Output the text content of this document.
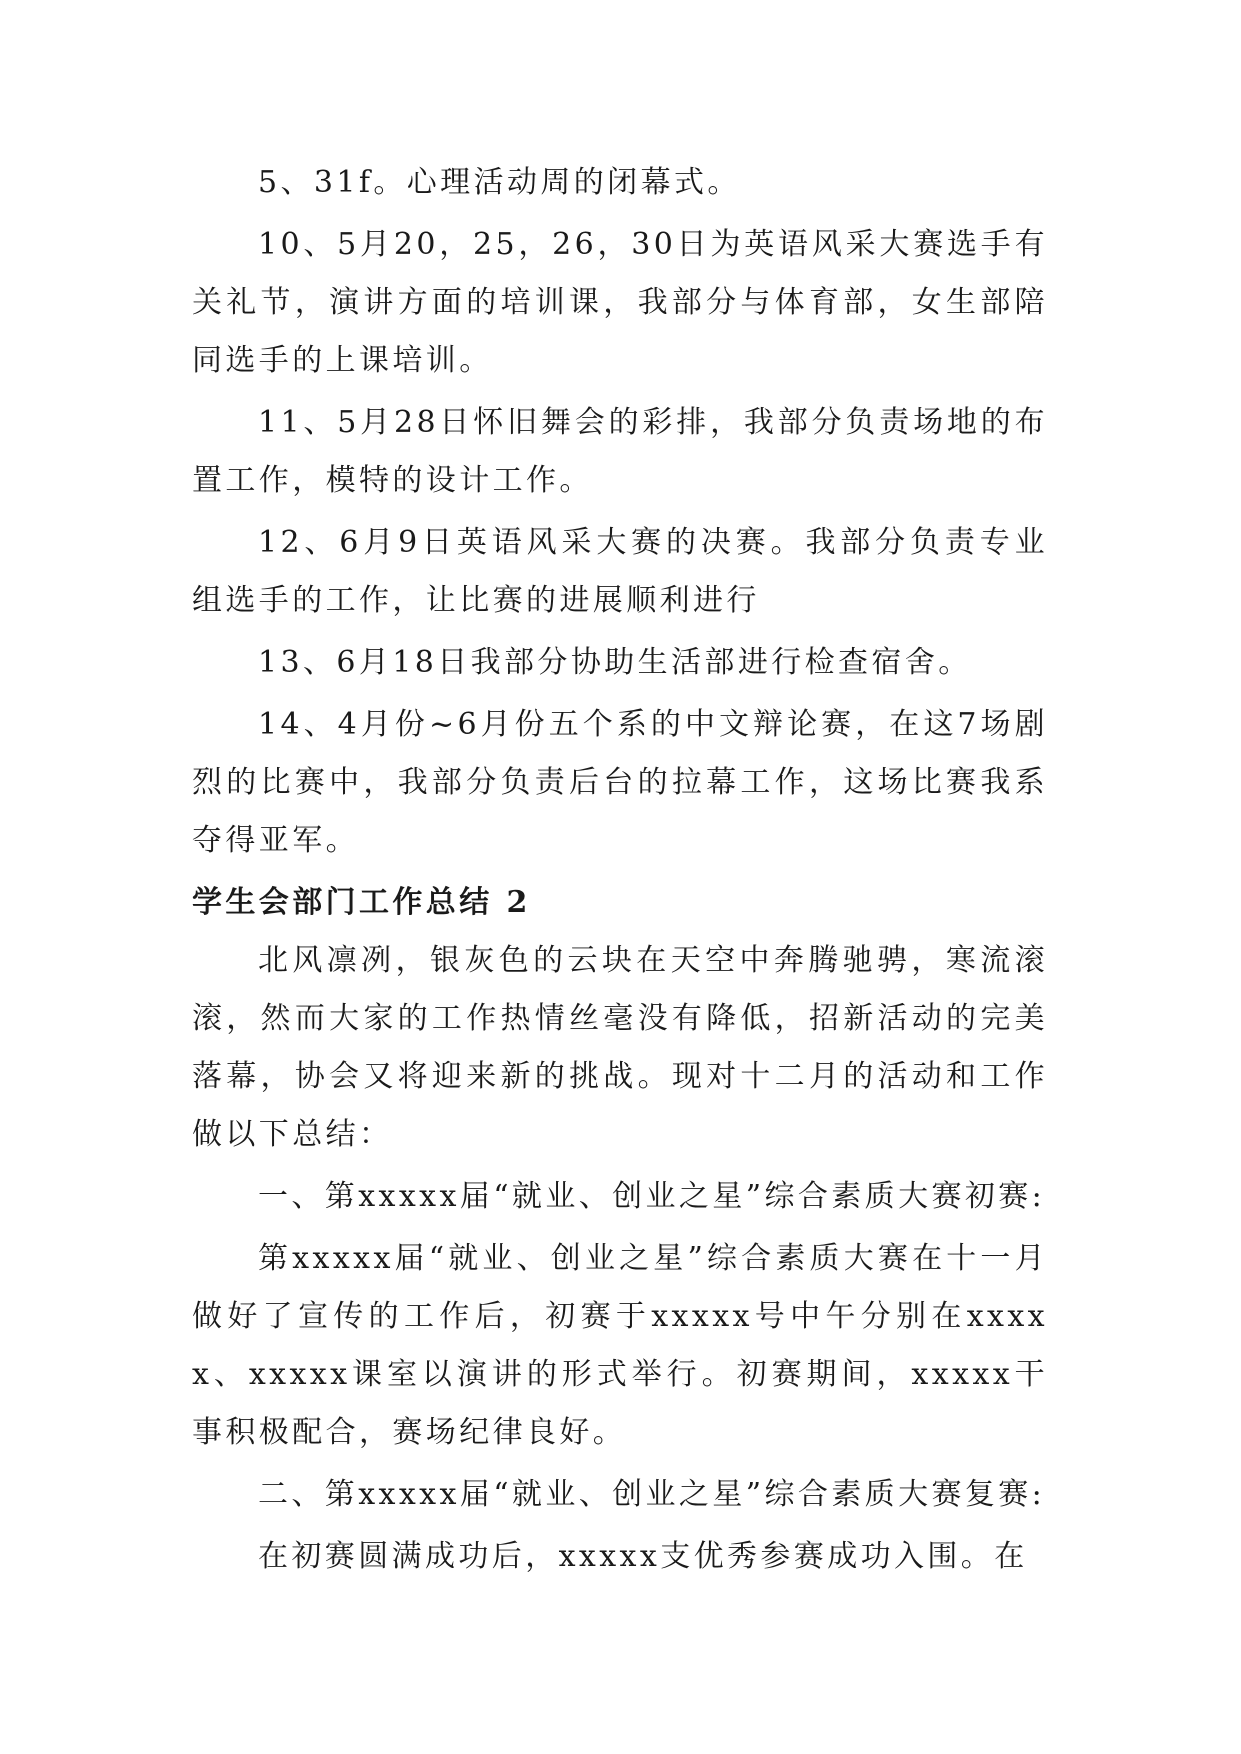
5、31f。心理活动周的闭幕式。

10、5月20，25，26，30日为英语风采大赛选手有关礼节，演讲方面的培训课，我部分与体育部，女生部陪同选手的上课培训。

11、5月28日怀旧舞会的彩排，我部分负责场地的布置工作，模特的设计工作。

12、6月9日英语风采大赛的决赛。我部分负责专业组选手的工作，让比赛的进展顺利进行

13、6月18日我部分协助生活部进行检查宿舍。

14、4月份~6月份五个系的中文辩论赛，在这7场剧烈的比赛中，我部分负责后台的拉幕工作，这场比赛我系夺得亚军。

学生会部门工作总结 2

北风凛冽，银灰色的云块在天空中奔腾驰骋，寒流滚滚，然而大家的工作热情丝毫没有降低，招新活动的完美落幕，协会又将迎来新的挑战。现对十二月的活动和工作做以下总结：

一、第xxxxx届“就业、创业之星”综合素质大赛初赛:

第xxxxx届“就业、创业之星”综合素质大赛在十一月做好了宣传的工作后，初赛于xxxxx号中午分别在xxxxx、xxxxx课室以演讲的形式举行。初赛期间，xxxxx干事积极配合，赛场纪律良好。

二、第xxxxx届“就业、创业之星”综合素质大赛复赛:

在初赛圆满成功后，xxxxx支优秀参赛成功入围。在
